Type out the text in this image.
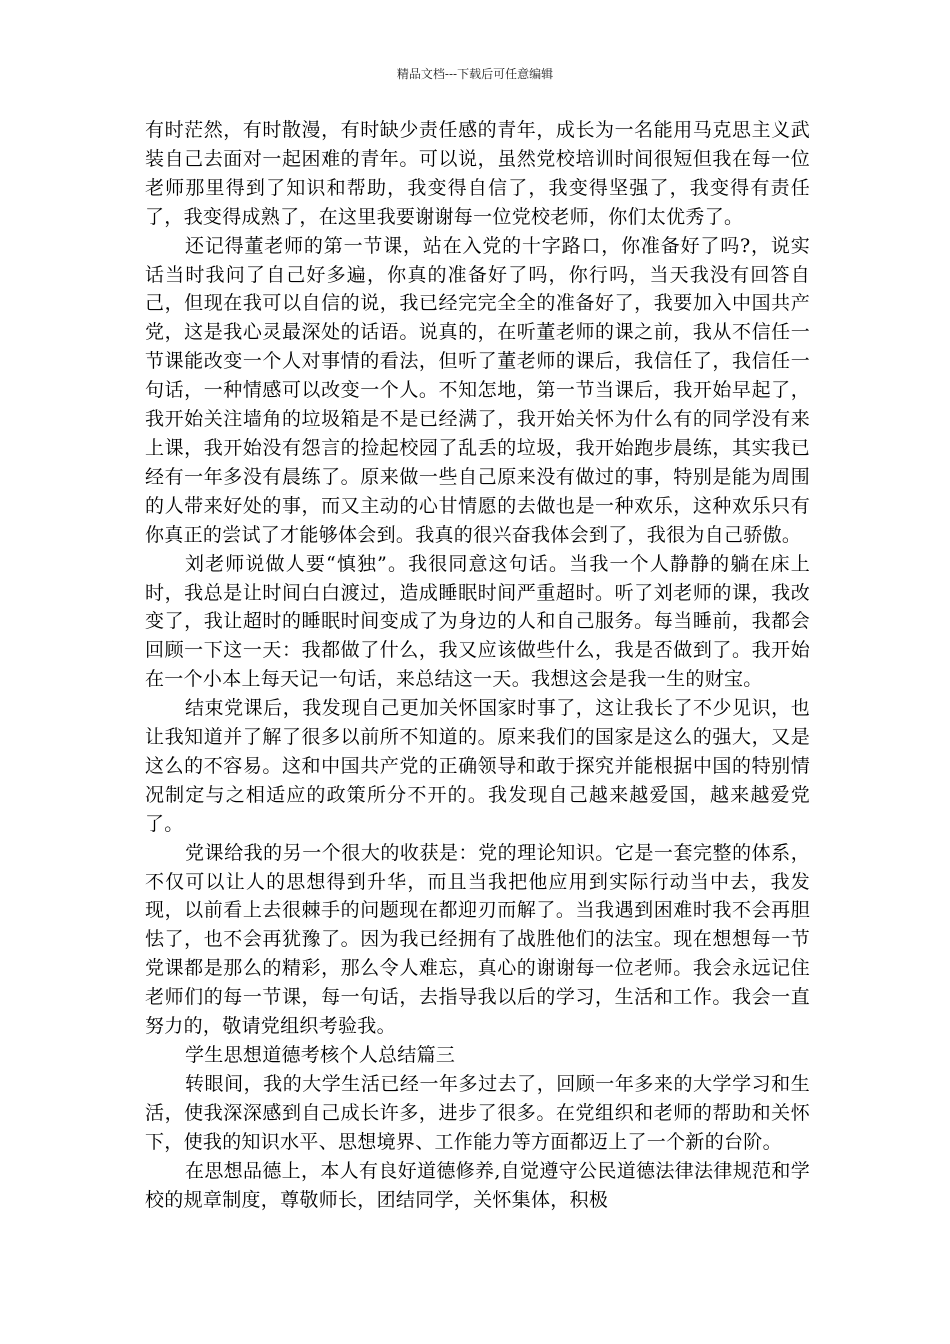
精品文档---下载后可任意编辑

有时茫然，有时散漫，有时缺少责任感的青年，成长为一名能用马克思主义武装自己去面对一起困难的青年。可以说，虽然党校培训时间很短但我在每一位老师那里得到了知识和帮助，我变得自信了，我变得坚强了，我变得有责任了，我变得成熟了，在这里我要谢谢每一位党校老师，你们太优秀了。

还记得董老师的第一节课，站在入党的十字路口，你准备好了吗?，说实话当时我问了自己好多遍，你真的准备好了吗，你行吗，当天我没有回答自己，但现在我可以自信的说，我已经完完全全的准备好了，我要加入中国共产党，这是我心灵最深处的话语。说真的，在听董老师的课之前，我从不信任一节课能改变一个人对事情的看法，但听了董老师的课后，我信任了，我信任一句话，一种情感可以改变一个人。不知怎地，第一节当课后，我开始早起了，我开始关注墙角的垃圾箱是不是已经满了，我开始关怀为什么有的同学没有来上课，我开始没有怨言的捡起校园了乱丢的垃圾，我开始跑步晨练，其实我已经有一年多没有晨练了。原来做一些自己原来没有做过的事，特别是能为周围的人带来好处的事，而又主动的心甘情愿的去做也是一种欢乐，这种欢乐只有你真正的尝试了才能够体会到。我真的很兴奋我体会到了，我很为自己骄傲。

刘老师说做人要“慎独”。我很同意这句话。当我一个人静静的躺在床上时，我总是让时间白白渡过，造成睡眠时间严重超时。听了刘老师的课，我改变了，我让超时的睡眠时间变成了为身边的人和自己服务。每当睡前，我都会回顾一下这一天：我都做了什么，我又应该做些什么，我是否做到了。我开始在一个小本上每天记一句话，来总结这一天。我想这会是我一生的财宝。

结束党课后，我发现自己更加关怀国家时事了，这让我长了不少见识，也让我知道并了解了很多以前所不知道的。原来我们的国家是这么的强大，又是这么的不容易。这和中国共产党的正确领导和敢于探究并能根据中国的特别情况制定与之相适应的政策所分不开的。我发现自己越来越爱国，越来越爱党了。

党课给我的另一个很大的收获是：党的理论知识。它是一套完整的体系，不仅可以让人的思想得到升华，而且当我把他应用到实际行动当中去，我发现，以前看上去很棘手的问题现在都迎刃而解了。当我遇到困难时我不会再胆怯了，也不会再犹豫了。因为我已经拥有了战胜他们的法宝。现在想想每一节党课都是那么的精彩，那么令人难忘，真心的谢谢每一位老师。我会永远记住老师们的每一节课，每一句话，去指导我以后的学习，生活和工作。我会一直努力的，敬请党组织考验我。

学生思想道德考核个人总结篇三

转眼间，我的大学生活已经一年多过去了，回顾一年多来的大学学习和生活，使我深深感到自己成长许多，进步了很多。在党组织和老师的帮助和关怀下，使我的知识水平、思想境界、工作能力等方面都迈上了一个新的台阶。

在思想品德上，本人有良好道德修养,自觉遵守公民道德法律法律规范和学校的规章制度，尊敬师长，团结同学，关怀集体，积极
